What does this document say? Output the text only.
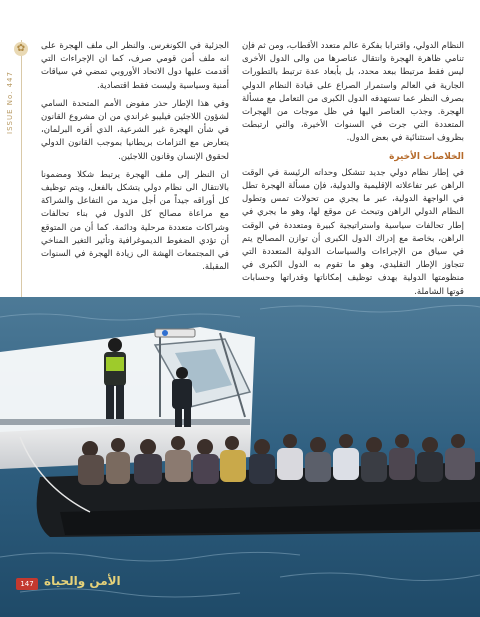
✿
ISSUE No. 447

النظام الدولي، واقترابا بفكرة عالم متعدد الأقطاب، ومن ثم فإن تنامي ظاهرة الهجرة وانتقال عناصرها من والى الدول الأخرى ليس فقط مرتبطا ببعد محدد، بل بأبعاد عدة ترتبط بالتطورات الجارية في العالم واستمرار الصراع على قيادة النظام الدولي بصرف النظر عما تستهدفه الدول الكبرى من التعامل مع مسألة الهجرة. وجذب العناصر اليها في ظل موجات من الهجرات المتعددة التي جرت في السنوات الأخيرة، والتي ارتبطت بظروف استثنائية في بعض الدول.

الخلاصات الأخيرة

في إطار نظام دولي جديد تتشكل وحداته الرئيسة في الوقت الراهن عبر تفاعلاته الإقليمية والدولية، فإن مسألة الهجرة تطل في الواجهة الدولية، عبر ما يجري من تحولات تمس وتطول النظام الدولي الراهن وتبحث عن موقع لها، وهو ما يجري في إطار تحالفات سياسية واستراتيجية كبيرة ومتعددة في الوقت الراهن، بخاصة مع إدراك الدول الكبرى أن توازن المصالح يتم في سياق من الإجراءات والسياسات الدولية المتعددة التي تتجاوز الإطار التقليدي، وهو ما تقوم به الدول الكبرى في منظومتها الدولية بهدف توظيف إمكاناتها وقدراتها وحسابات قوتها الشاملة.

الجزئية في الكونغرس. والنظر الى ملف الهجرة على انه ملف أمن قومي صرف، كما ان الإجراءات التي أقدمت عليها دول الاتحاد الأوروبي تمضي في سياقات أمنية وسياسية وليست فقط اقتصادية.

وفي هذا الإطار حذر مفوض الأمم المتحدة السامي لشؤون اللاجئين فيليبو غراندي من ان مشروع القانون في شأن الهجرة غير الشرعية، الذي أقره البرلمان، يتعارض مع التزامات بريطانيا بموجب القانون الدولي لحقوق الإنسان وقانون اللاجئين.

ان النظر إلى ملف الهجرة يرتبط شكلا ومضمونا بالانتقال الى نظام دولي يتشكل بالفعل، ويتم توظيف كل أوراقه جيداً من أجل مزيد من التفاعل والشراكة مع مراعاة مصالح كل الدول في بناء تحالفات وشراكات متعددة مرحلية ودائمة. كما أن من المتوقع أن تؤدي الضغوط الديموغرافية وتأثير التغير المناخي في المجتمعات الهشة الى زيادة الهجرة في السنوات المقبلة.

147 الأمن والحياة
